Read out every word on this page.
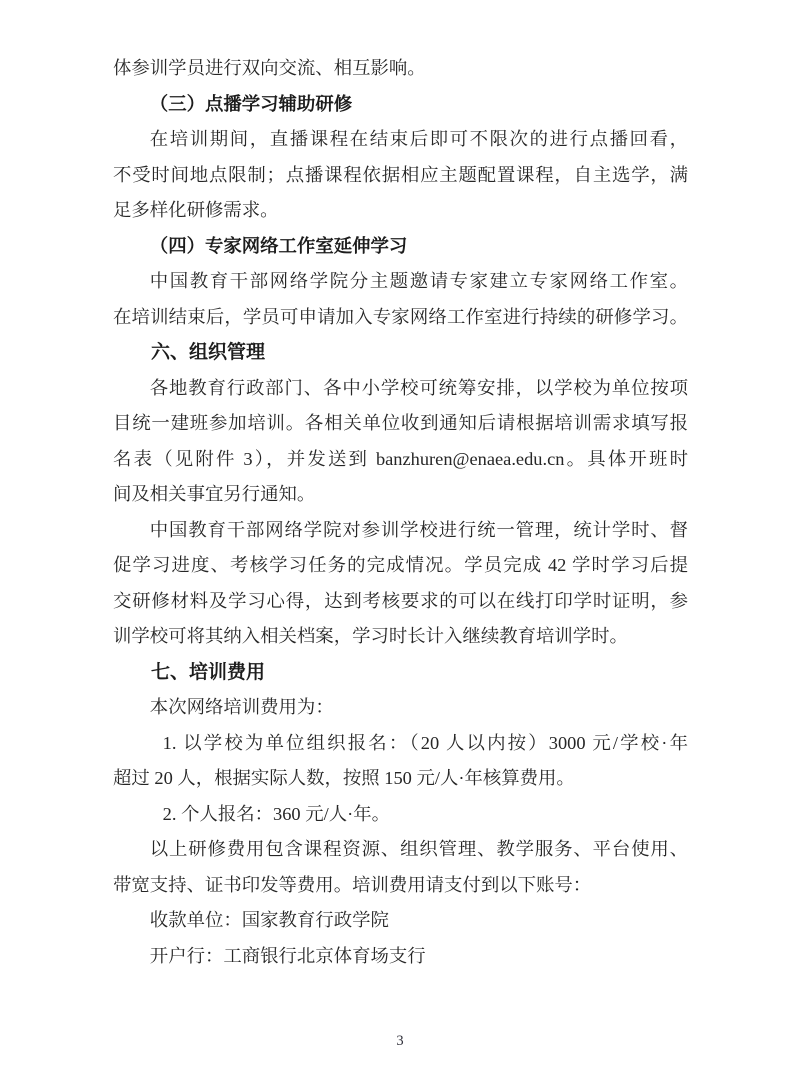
体参训学员进行双向交流、相互影响。
（三）点播学习辅助研修
在培训期间，直播课程在结束后即可不限次的进行点播回看，
不受时间地点限制；点播课程依据相应主题配置课程，自主选学，满
足多样化研修需求。
（四）专家网络工作室延伸学习
中国教育干部网络学院分主题邀请专家建立专家网络工作室。
在培训结束后，学员可申请加入专家网络工作室进行持续的研修学习。
六、组织管理
各地教育行政部门、各中小学校可统筹安排，以学校为单位按项
目统一建班参加培训。各相关单位收到通知后请根据培训需求填写报
名表（见附件 3），并发送到 banzhuren@enaea.edu.cn。具体开班时
间及相关事宜另行通知。
中国教育干部网络学院对参训学校进行统一管理，统计学时、督
促学习进度、考核学习任务的完成情况。学员完成 42 学时学习后提
交研修材料及学习心得，达到考核要求的可以在线打印学时证明，参
训学校可将其纳入相关档案，学习时长计入继续教育培训学时。
七、培训费用
本次网络培训费用为：
1. 以学校为单位组织报名：（20 人以内按）3000 元/学校·年
超过 20 人，根据实际人数，按照 150 元/人·年核算费用。
2. 个人报名：360 元/人·年。
以上研修费用包含课程资源、组织管理、教学服务、平台使用、
带宽支持、证书印发等费用。培训费用请支付到以下账号：
收款单位：国家教育行政学院
开户行：工商银行北京体育场支行
3
